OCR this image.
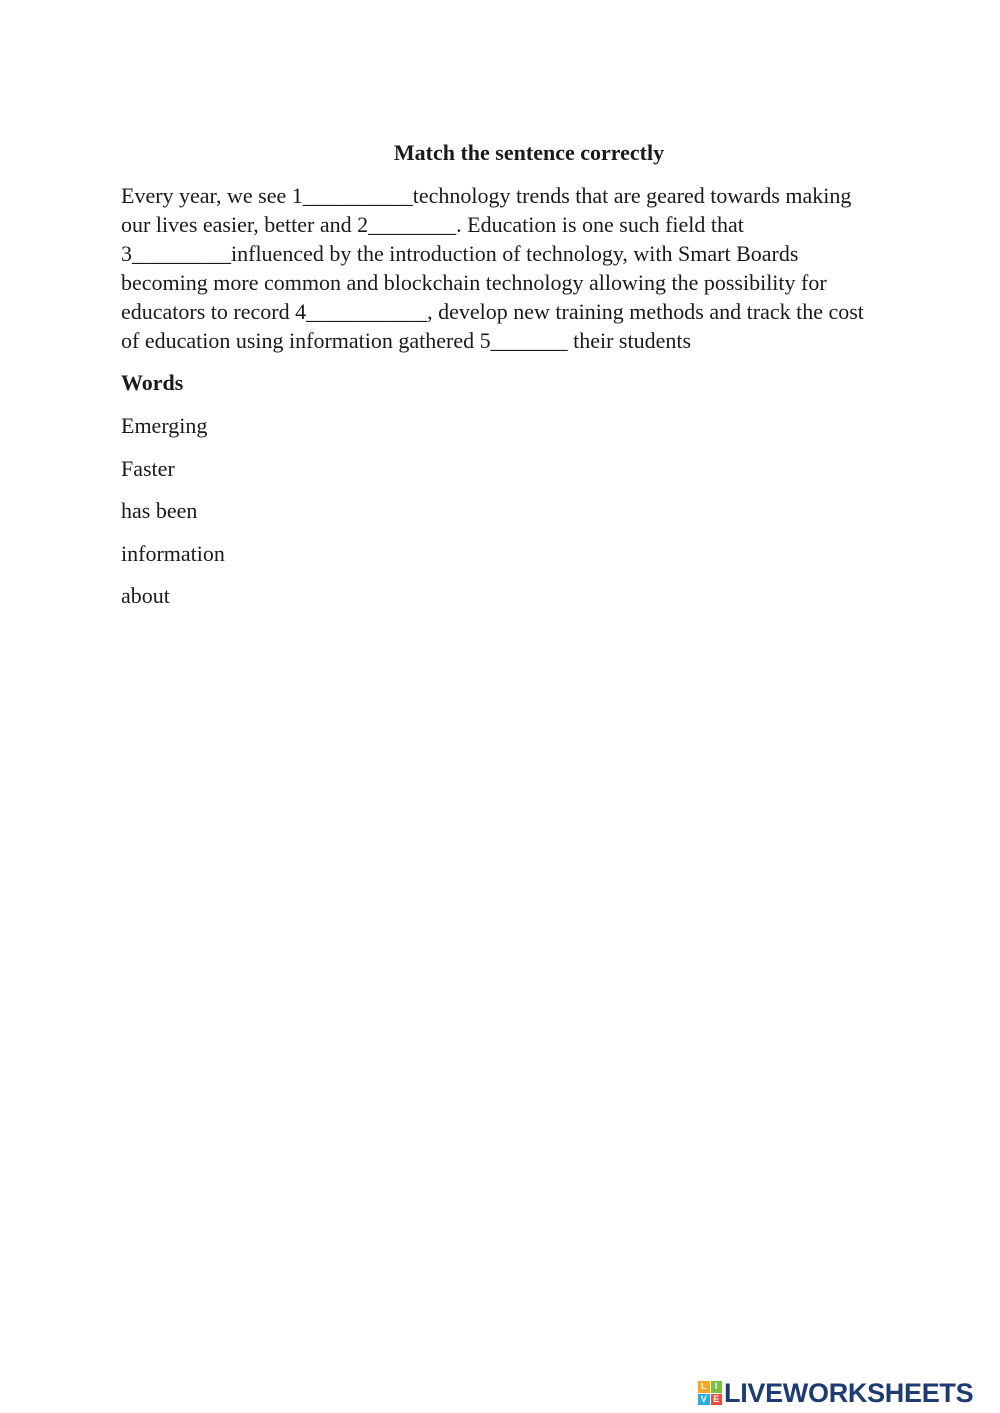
Match the sentence correctly
Every year, we see 1__________technology trends that are geared towards making
our lives easier, better and 2________. Education is one such field that
3_________influenced by the introduction of technology, with Smart Boards
becoming more common and blockchain technology allowing the possibility for
educators to record 4___________, develop new training methods and track the cost
of education using information gathered 5_______ their students
Words
Emerging
Faster
has been
information
about
L I
V E LIVEWORKSHEETS
